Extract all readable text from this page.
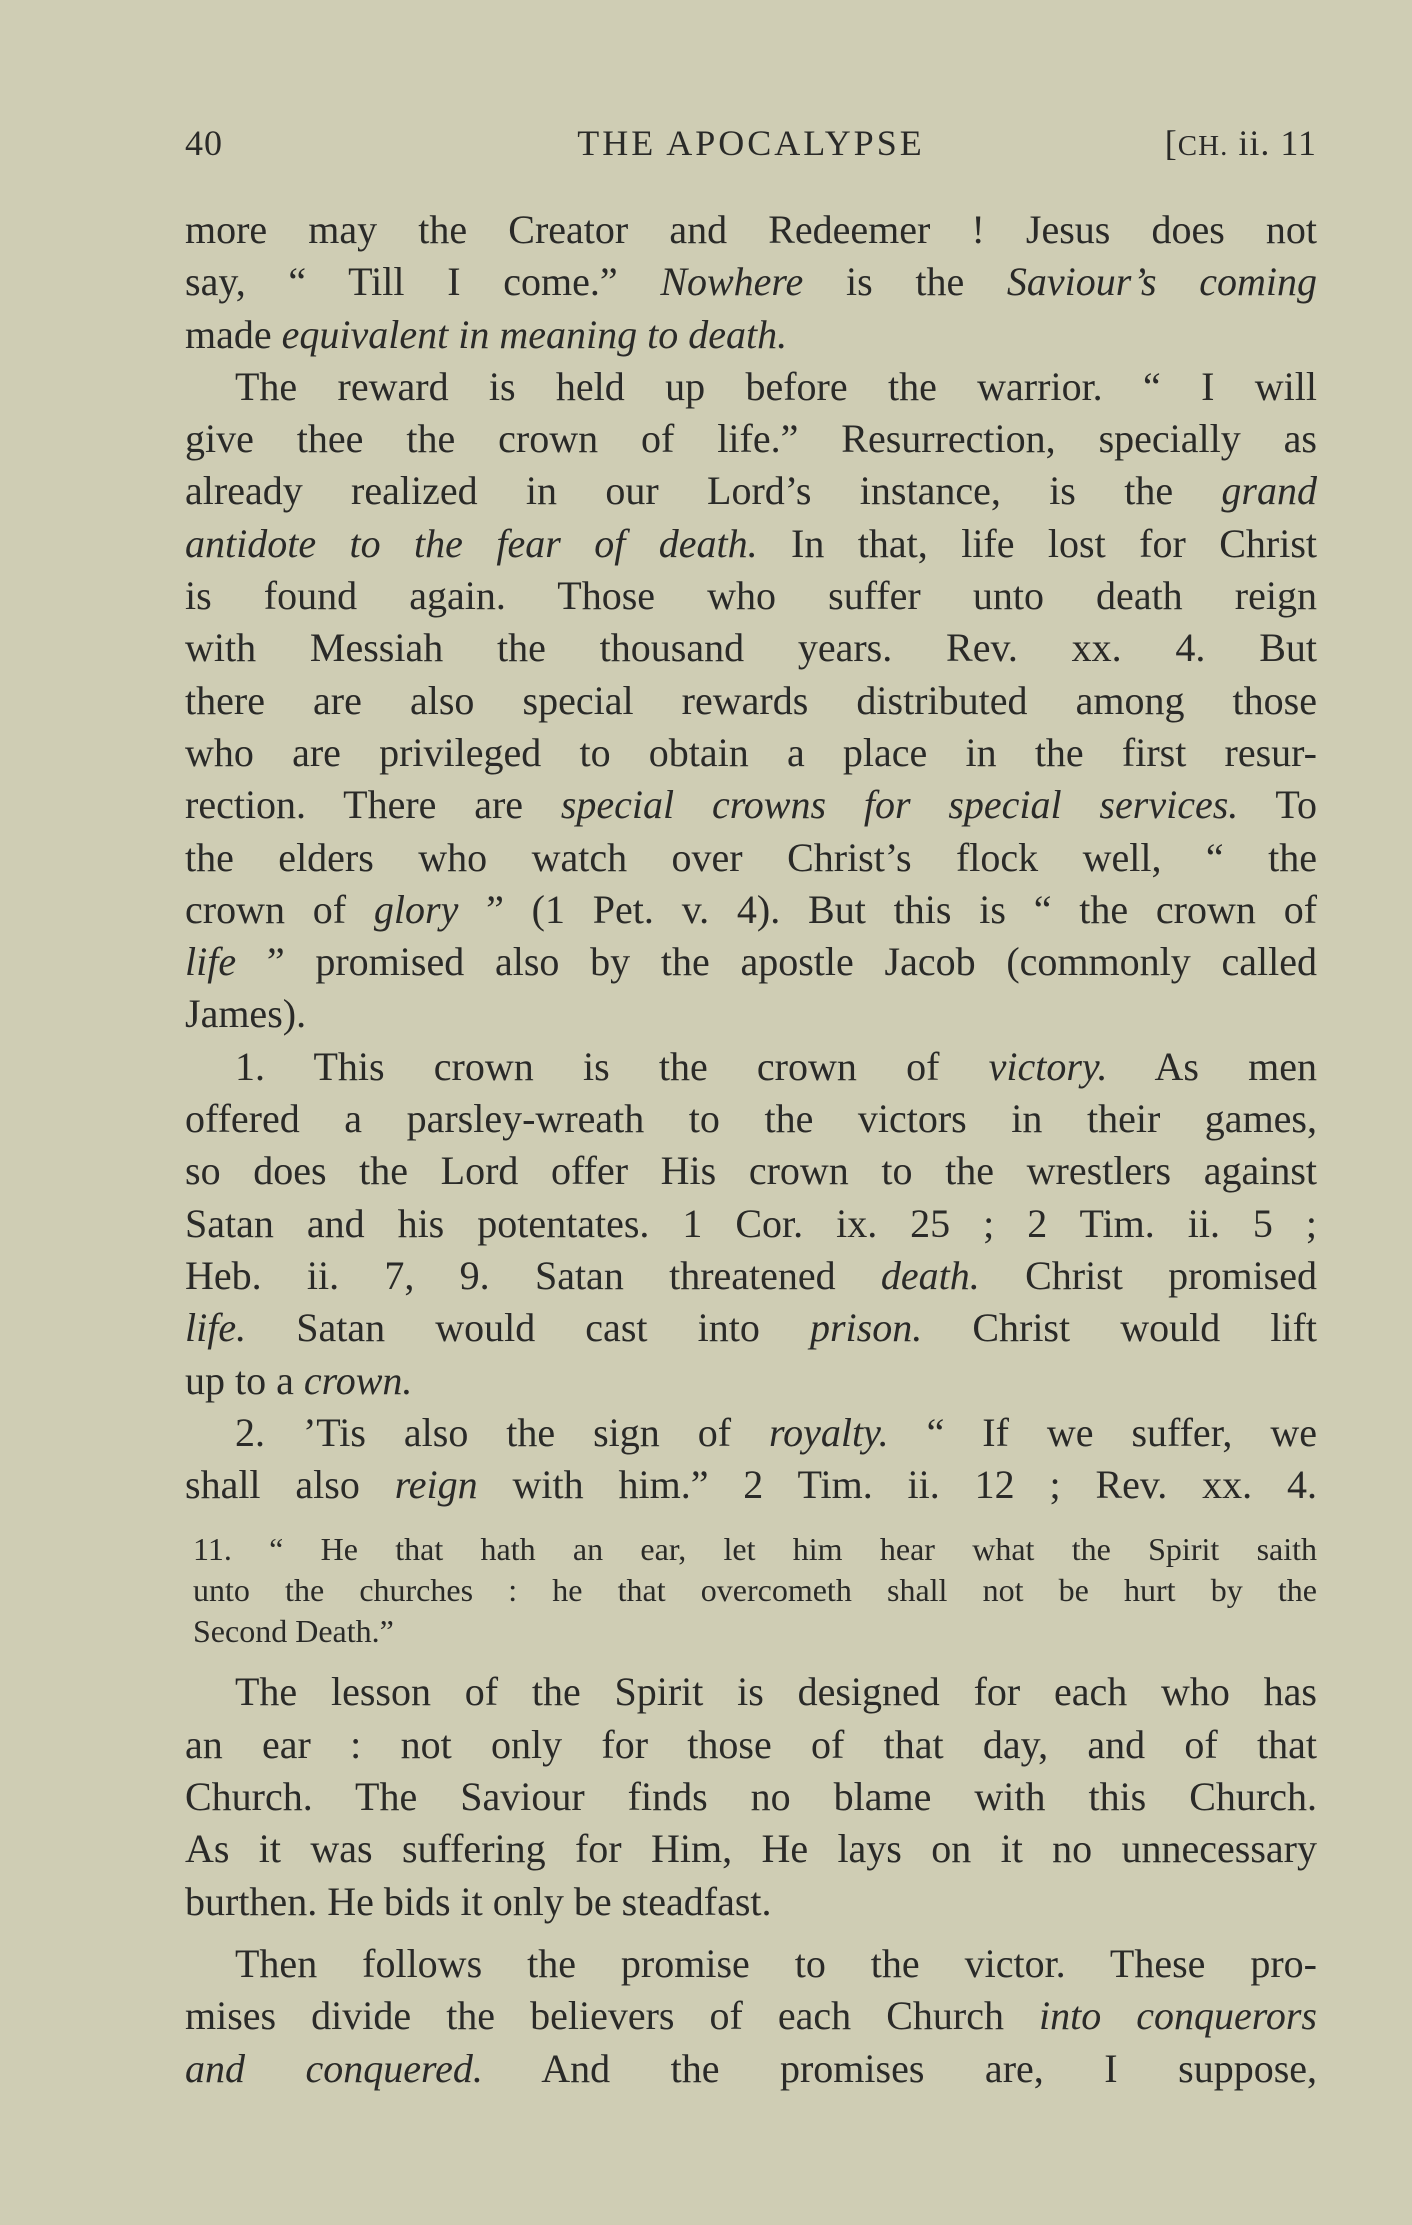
40	THE APOCALYPSE	[CH. ii. 11
more may the Creator and Redeemer ! Jesus does not
say, “ Till I come.” Nowhere is the Saviour’s coming
made equivalent in meaning to death.
The reward is held up before the warrior. “ I will
give thee the crown of life.” Resurrection, specially as
already realized in our Lord’s instance, is the grand
antidote to the fear of death. In that, life lost for Christ
is found again. Those who suffer unto death reign
with Messiah the thousand years. Rev. xx. 4. But
there are also special rewards distributed among those
who are privileged to obtain a place in the first resur-
rection. There are special crowns for special services. To
the elders who watch over Christ’s flock well, “ the
crown of glory ” (1 Pet. v. 4). But this is “ the crown of
life ” promised also by the apostle Jacob (commonly called
James).
1. This crown is the crown of victory. As men
offered a parsley-wreath to the victors in their games,
so does the Lord offer His crown to the wrestlers against
Satan and his potentates. 1 Cor. ix. 25 ; 2 Tim. ii. 5 ;
Heb. ii. 7, 9. Satan threatened death. Christ promised
life. Satan would cast into prison. Christ would lift
up to a crown.
2. ’Tis also the sign of royalty. “ If we suffer, we
shall also reign with him.” 2 Tim. ii. 12 ; Rev. xx. 4.
11. “ He that hath an ear, let him hear what the Spirit saith
unto the churches : he that overcometh shall not be hurt by the
Second Death.”
The lesson of the Spirit is designed for each who has
an ear : not only for those of that day, and of that
Church. The Saviour finds no blame with this Church.
As it was suffering for Him, He lays on it no unnecessary
burthen. He bids it only be steadfast.
Then follows the promise to the victor. These pro-
mises divide the believers of each Church into conquerors
and conquered. And the promises are, I suppose,
